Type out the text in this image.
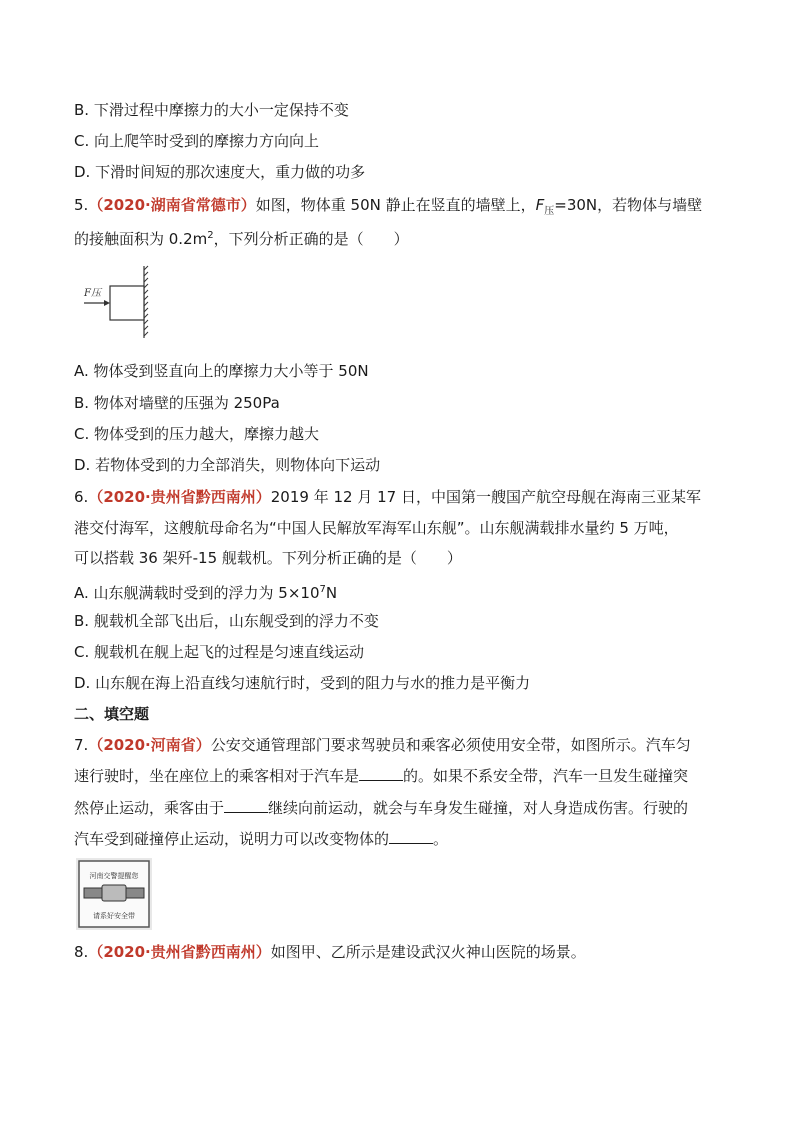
B. 下滑过程中摩擦力的大小一定保持不变
C. 向上爬竿时受到的摩擦力方向向上
D. 下滑时间短的那次速度大，重力做的功多
5.（2020·湖南省常德市）如图，物体重 50N 静止在竖直的墙壁上，$F_压=30N$，若物体与墙壁
的接触面积为 $0.2m^2$，下列分析正确的是（　　）
F压
A. 物体受到竖直向上的摩擦力大小等于 50N
B. 物体对墙壁的压强为 250Pa
C. 物体受到的压力越大，摩擦力越大
D. 若物体受到的力全部消失，则物体向下运动
6.（2020·贵州省黔西南州）2019 年 12 月 17 日，中国第一艘国产航空母舰在海南三亚某军
港交付海军，这艘航母命名为“中国人民解放军海军山东舰”。山东舰满载排水量约 5 万吨，
可以搭载 36 架歼-15 舰载机。下列分析正确的是（　　）
A. 山东舰满载时受到的浮力为 $5\times 10^7N$
B. 舰载机全部飞出后，山东舰受到的浮力不变
C. 舰载机在舰上起飞的过程是匀速直线运动
D. 山东舰在海上沿直线匀速航行时，受到的阻力与水的推力是平衡力
二、填空题
7.（2020·河南省）公安交通管理部门要求驾驶员和乘客必须使用安全带，如图所示。汽车匀
速行驶时，坐在座位上的乘客相对于汽车是	的。如果不系安全带，汽车一旦发生碰撞突
然停止运动，乘客由于	继续向前运动，就会与车身发生碰撞，对人身造成伤害。行驶的
汽车受到碰撞停止运动，说明力可以改变物体的	。
河南交警提醒您
请系好安全带
8.（2020·贵州省黔西南州）如图甲、乙所示是建设武汉火神山医院的场景。
